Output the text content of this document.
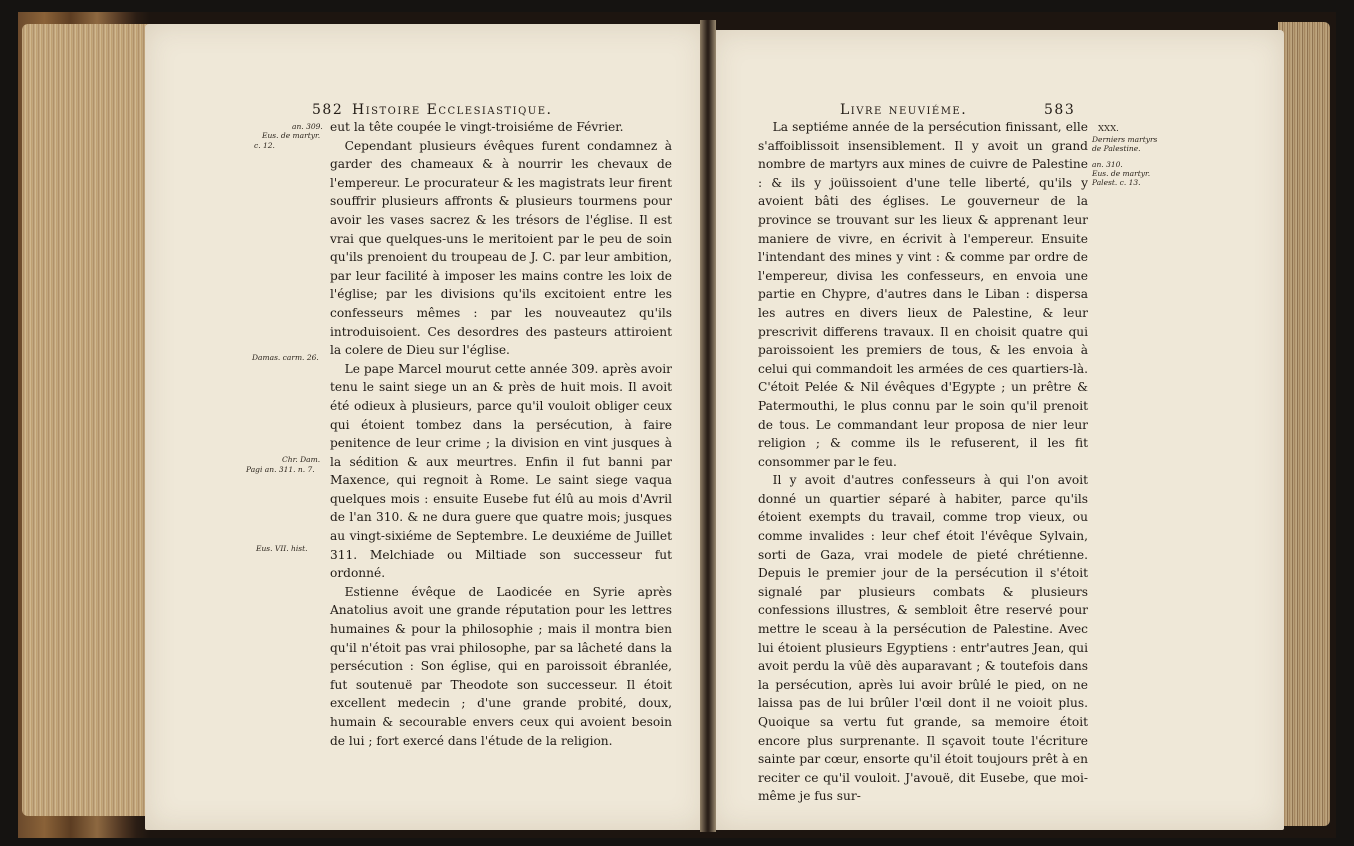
582 Histoire Ecclesiastique.
an. 309.
Eus. de martyr.
c. 12.
Damas. carm. 26.
Chr. Dam.
Pagi an. 311. n. 7.
Eus. VII. hist.

eut la tête coupée le vingt-troisiéme de Février.

Cependant plusieurs évêques furent condamnez à garder des chameaux & à nourrir les chevaux de l'empereur. Le procurateur & les magistrats leur firent souffrir plusieurs affronts & plusieurs tourmens pour avoir les vases sacrez & les trésors de l'église. Il est vrai que quelques-uns le meritoient par le peu de soin qu'ils prenoient du troupeau de J. C. par leur ambition, par leur facilité à imposer les mains contre les loix de l'église; par les divisions qu'ils excitoient entre les confesseurs mêmes : par les nouveautez qu'ils introduisoient. Ces desordres des pasteurs attiroient la colere de Dieu sur l'église.

Le pape Marcel mourut cette année 309. après avoir tenu le saint siege un an & près de huit mois. Il avoit été odieux à plusieurs, parce qu'il vouloit obliger ceux qui étoient tombez dans la persécution, à faire penitence de leur crime ; la division en vint jusques à la sédition & aux meurtres. Enfin il fut banni par Maxence, qui regnoit à Rome. Le saint siege vaqua quelques mois : ensuite Eusebe fut élû au mois d'Avril de l'an 310. & ne dura guere que quatre mois; jusques au vingt-sixiéme de Septembre. Le deuxiéme de Juillet 311. Melchiade ou Miltiade son successeur fut ordonné.

Estienne évêque de Laodicée en Syrie après Anatolius avoit une grande réputation pour les lettres humaines & pour la philosophie ; mais il montra bien qu'il n'étoit pas vrai philosophe, par sa lâcheté dans la persécution : Son église, qui en paroissoit ébranlée, fut soutenuë par Theodote son successeur. Il étoit excellent medecin ; d'une grande probité, doux, humain & secourable envers ceux qui avoient besoin de lui ; fort exercé dans l'étude de la religion.

Livre neuviéme.	583
XXX.
Derniers martyrs
de Palestine.
an. 310.
Eus. de martyr.
Palest. c. 13.

La septiéme année de la persécution finissant, elle s'affoiblissoit insensiblement. Il y avoit un grand nombre de martyrs aux mines de cuivre de Palestine : & ils y joüissoient d'une telle liberté, qu'ils y avoient bâti des églises. Le gouverneur de la province se trouvant sur les lieux & apprenant leur maniere de vivre, en écrivit à l'empereur. Ensuite l'intendant des mines y vint : & comme par ordre de l'empereur, divisa les confesseurs, en envoia une partie en Chypre, d'autres dans le Liban : dispersa les autres en divers lieux de Palestine, & leur prescrivit differens travaux. Il en choisit quatre qui paroissoient les premiers de tous, & les envoia à celui qui commandoit les armées de ces quartiers-là. C'étoit Pelée & Nil évêques d'Egypte ; un prêtre & Patermouthi, le plus connu par le soin qu'il prenoit de tous. Le commandant leur proposa de nier leur religion ; & comme ils le refuserent, il les fit consommer par le feu.

Il y avoit d'autres confesseurs à qui l'on avoit donné un quartier séparé à habiter, parce qu'ils étoient exempts du travail, comme trop vieux, ou comme invalides : leur chef étoit l'évêque Sylvain, sorti de Gaza, vrai modele de pieté chrétienne. Depuis le premier jour de la persécution il s'étoit signalé par plusieurs combats & plusieurs confessions illustres, & sembloit être reservé pour mettre le sceau à la persécution de Palestine. Avec lui étoient plusieurs Egyptiens : entr'autres Jean, qui avoit perdu la vûë dès auparavant ; & toutefois dans la persécution, après lui avoir brûlé le pied, on ne laissa pas de lui brûler l'œil dont il ne voioit plus. Quoique sa vertu fut grande, sa memoire étoit encore plus surprenante. Il sçavoit toute l'écriture sainte par cœur, ensorte qu'il étoit toujours prêt à en reciter ce qu'il vouloit. J'avouë, dit Eusebe, que moi-même je fus sur-
